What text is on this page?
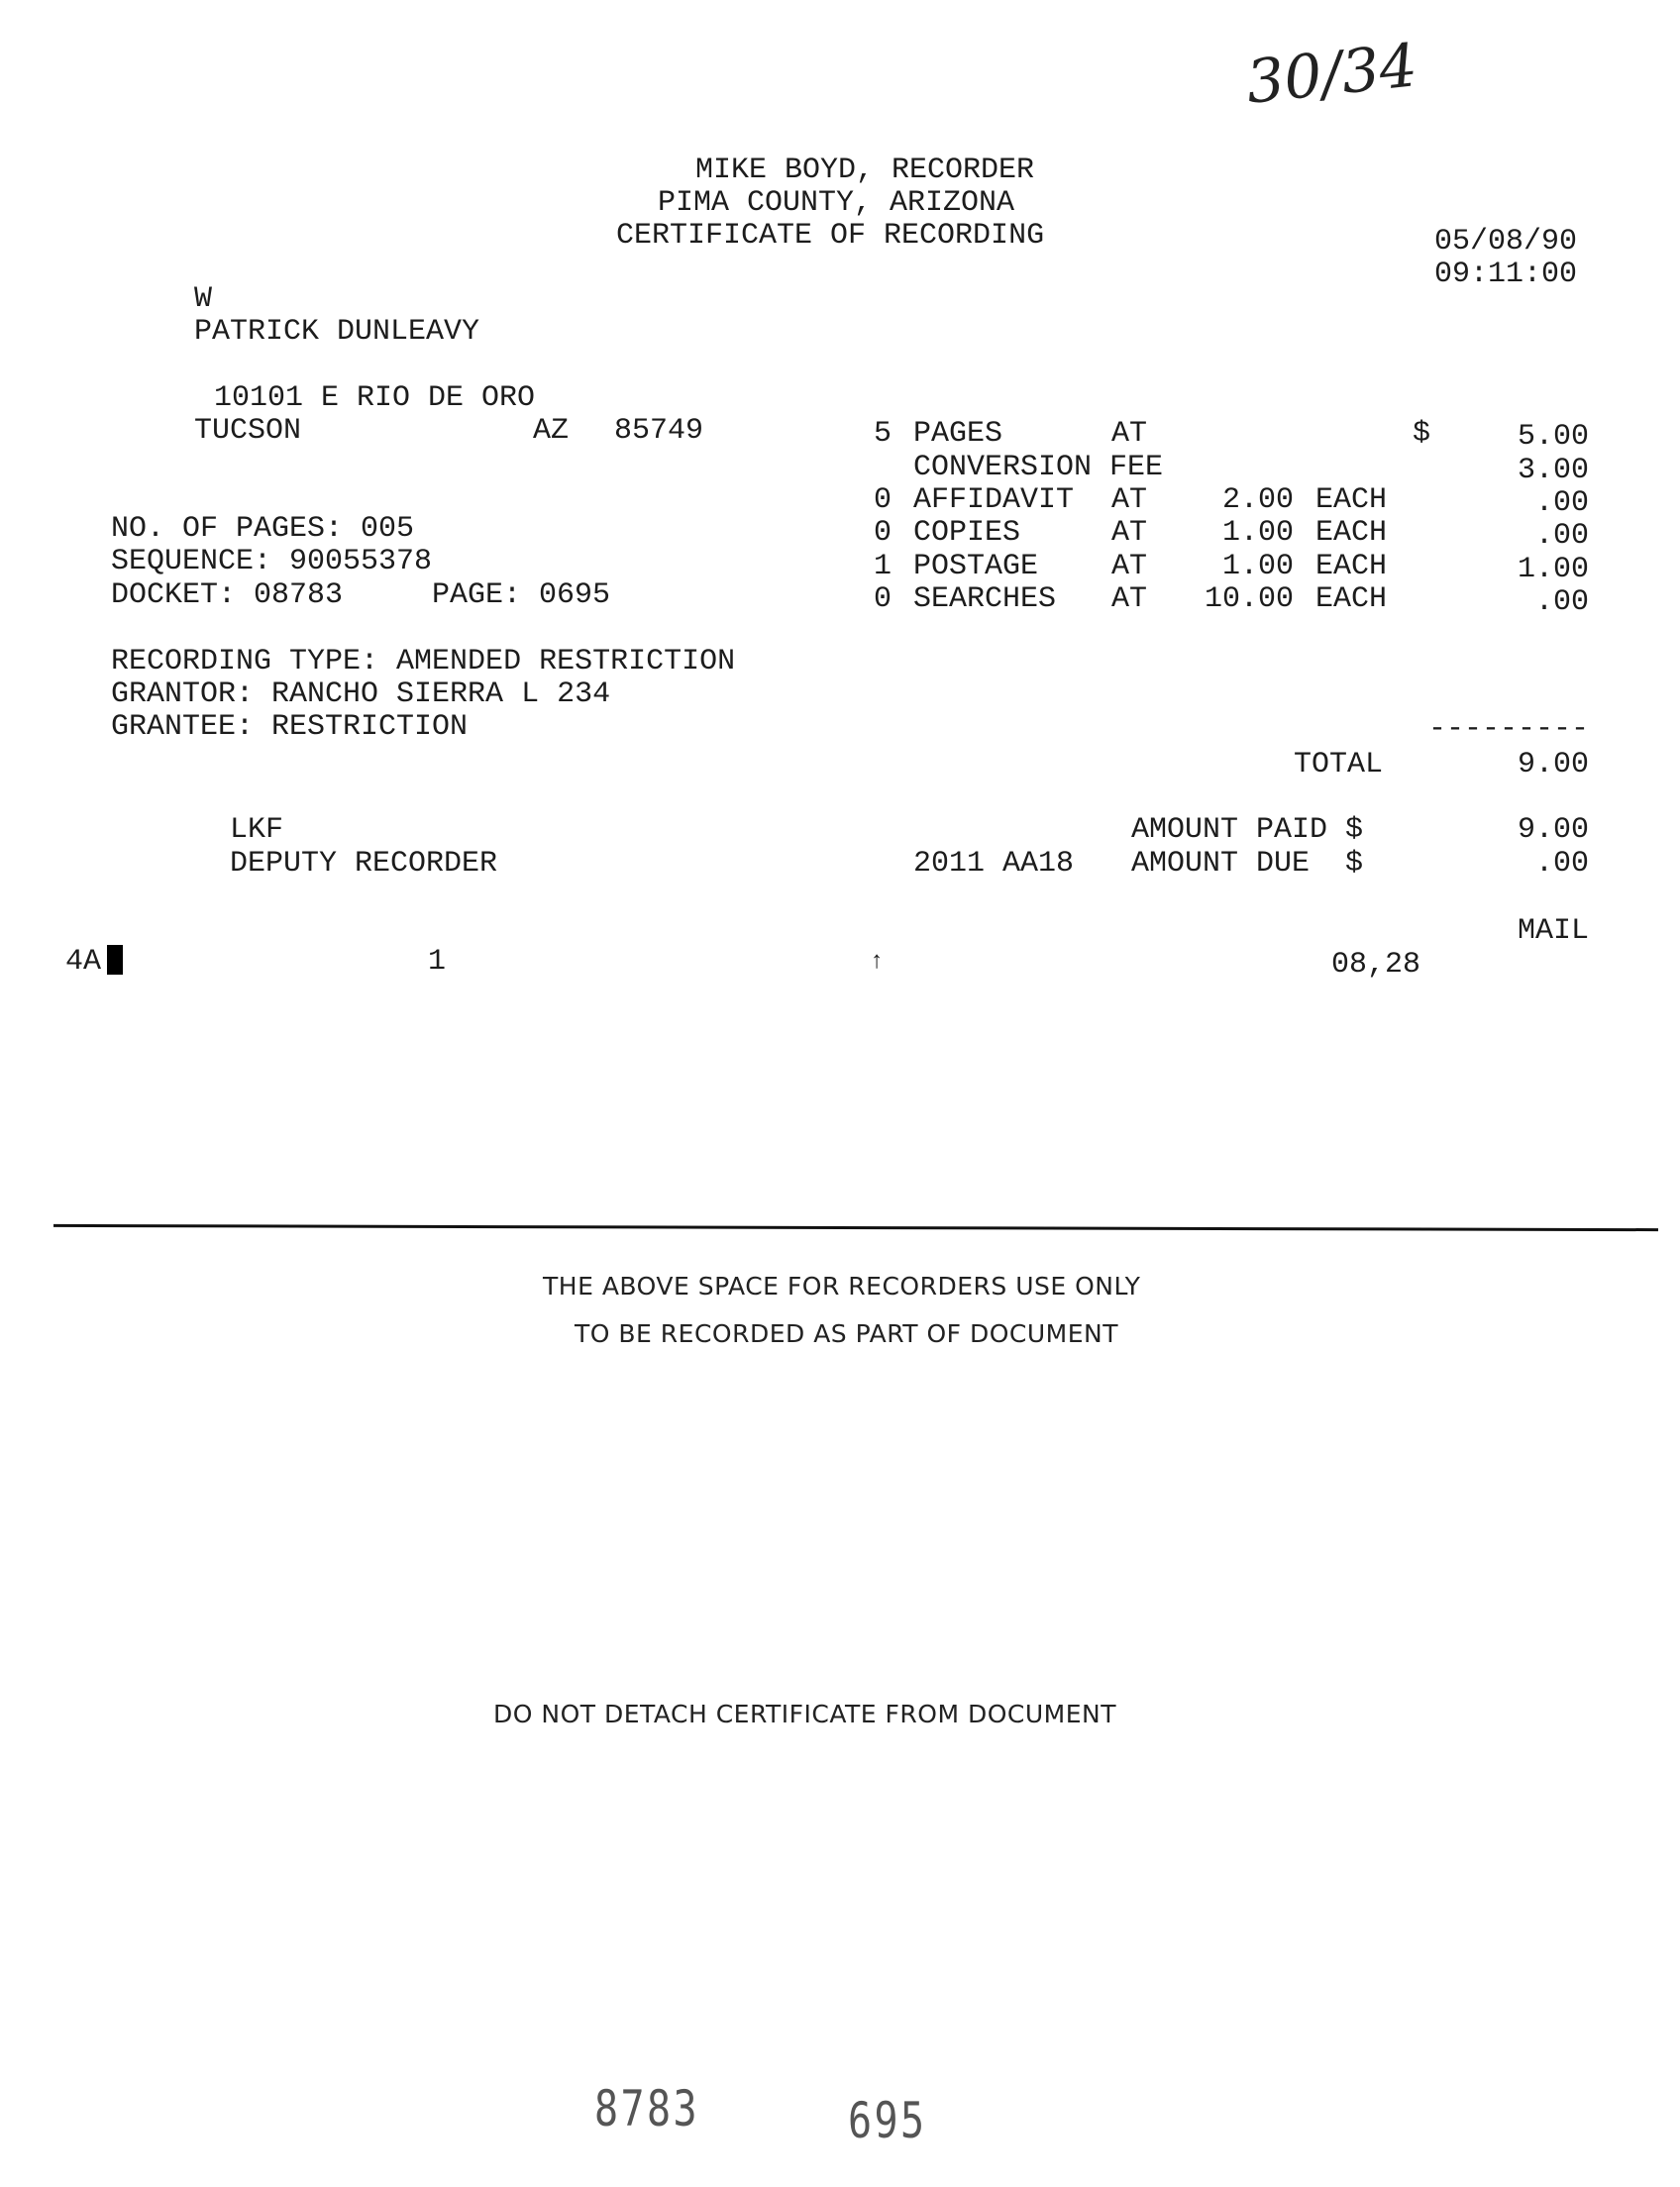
30/34
MIKE BOYD, RECORDER
PIMA COUNTY, ARIZONA
CERTIFICATE OF RECORDING	05/08/90
09:11:00
W
PATRICK DUNLEAVY
10101 E RIO DE ORO
TUCSON	AZ 85749
NO. OF PAGES: 005
SEQUENCE: 90055378
DOCKET: 08783	PAGE: 0695
RECORDING TYPE: AMENDED RESTRICTION
GRANTOR: RANCHO SIERRA L 234
GRANTEE: RESTRICTION
5 PAGES	AT	$	5.00
CONVERSION FEE	3.00
0 AFFIDAVIT AT	2.00 EACH	.00
0 COPIES	AT	1.00 EACH	.00
1 POSTAGE AT	1.00 EACH	1.00
0 SEARCHES AT	10.00 EACH	.00
---------
TOTAL	9.00
AMOUNT PAID $	9.00
2011 AA18 AMOUNT DUE  $	.00
MAIL
LKF
DEPUTY RECORDER
4A	1	↑	08,28
THE ABOVE SPACE FOR RECORDERS USE ONLY
TO BE RECORDED AS PART OF DOCUMENT
DO NOT DETACH CERTIFICATE FROM DOCUMENT
8783	695
